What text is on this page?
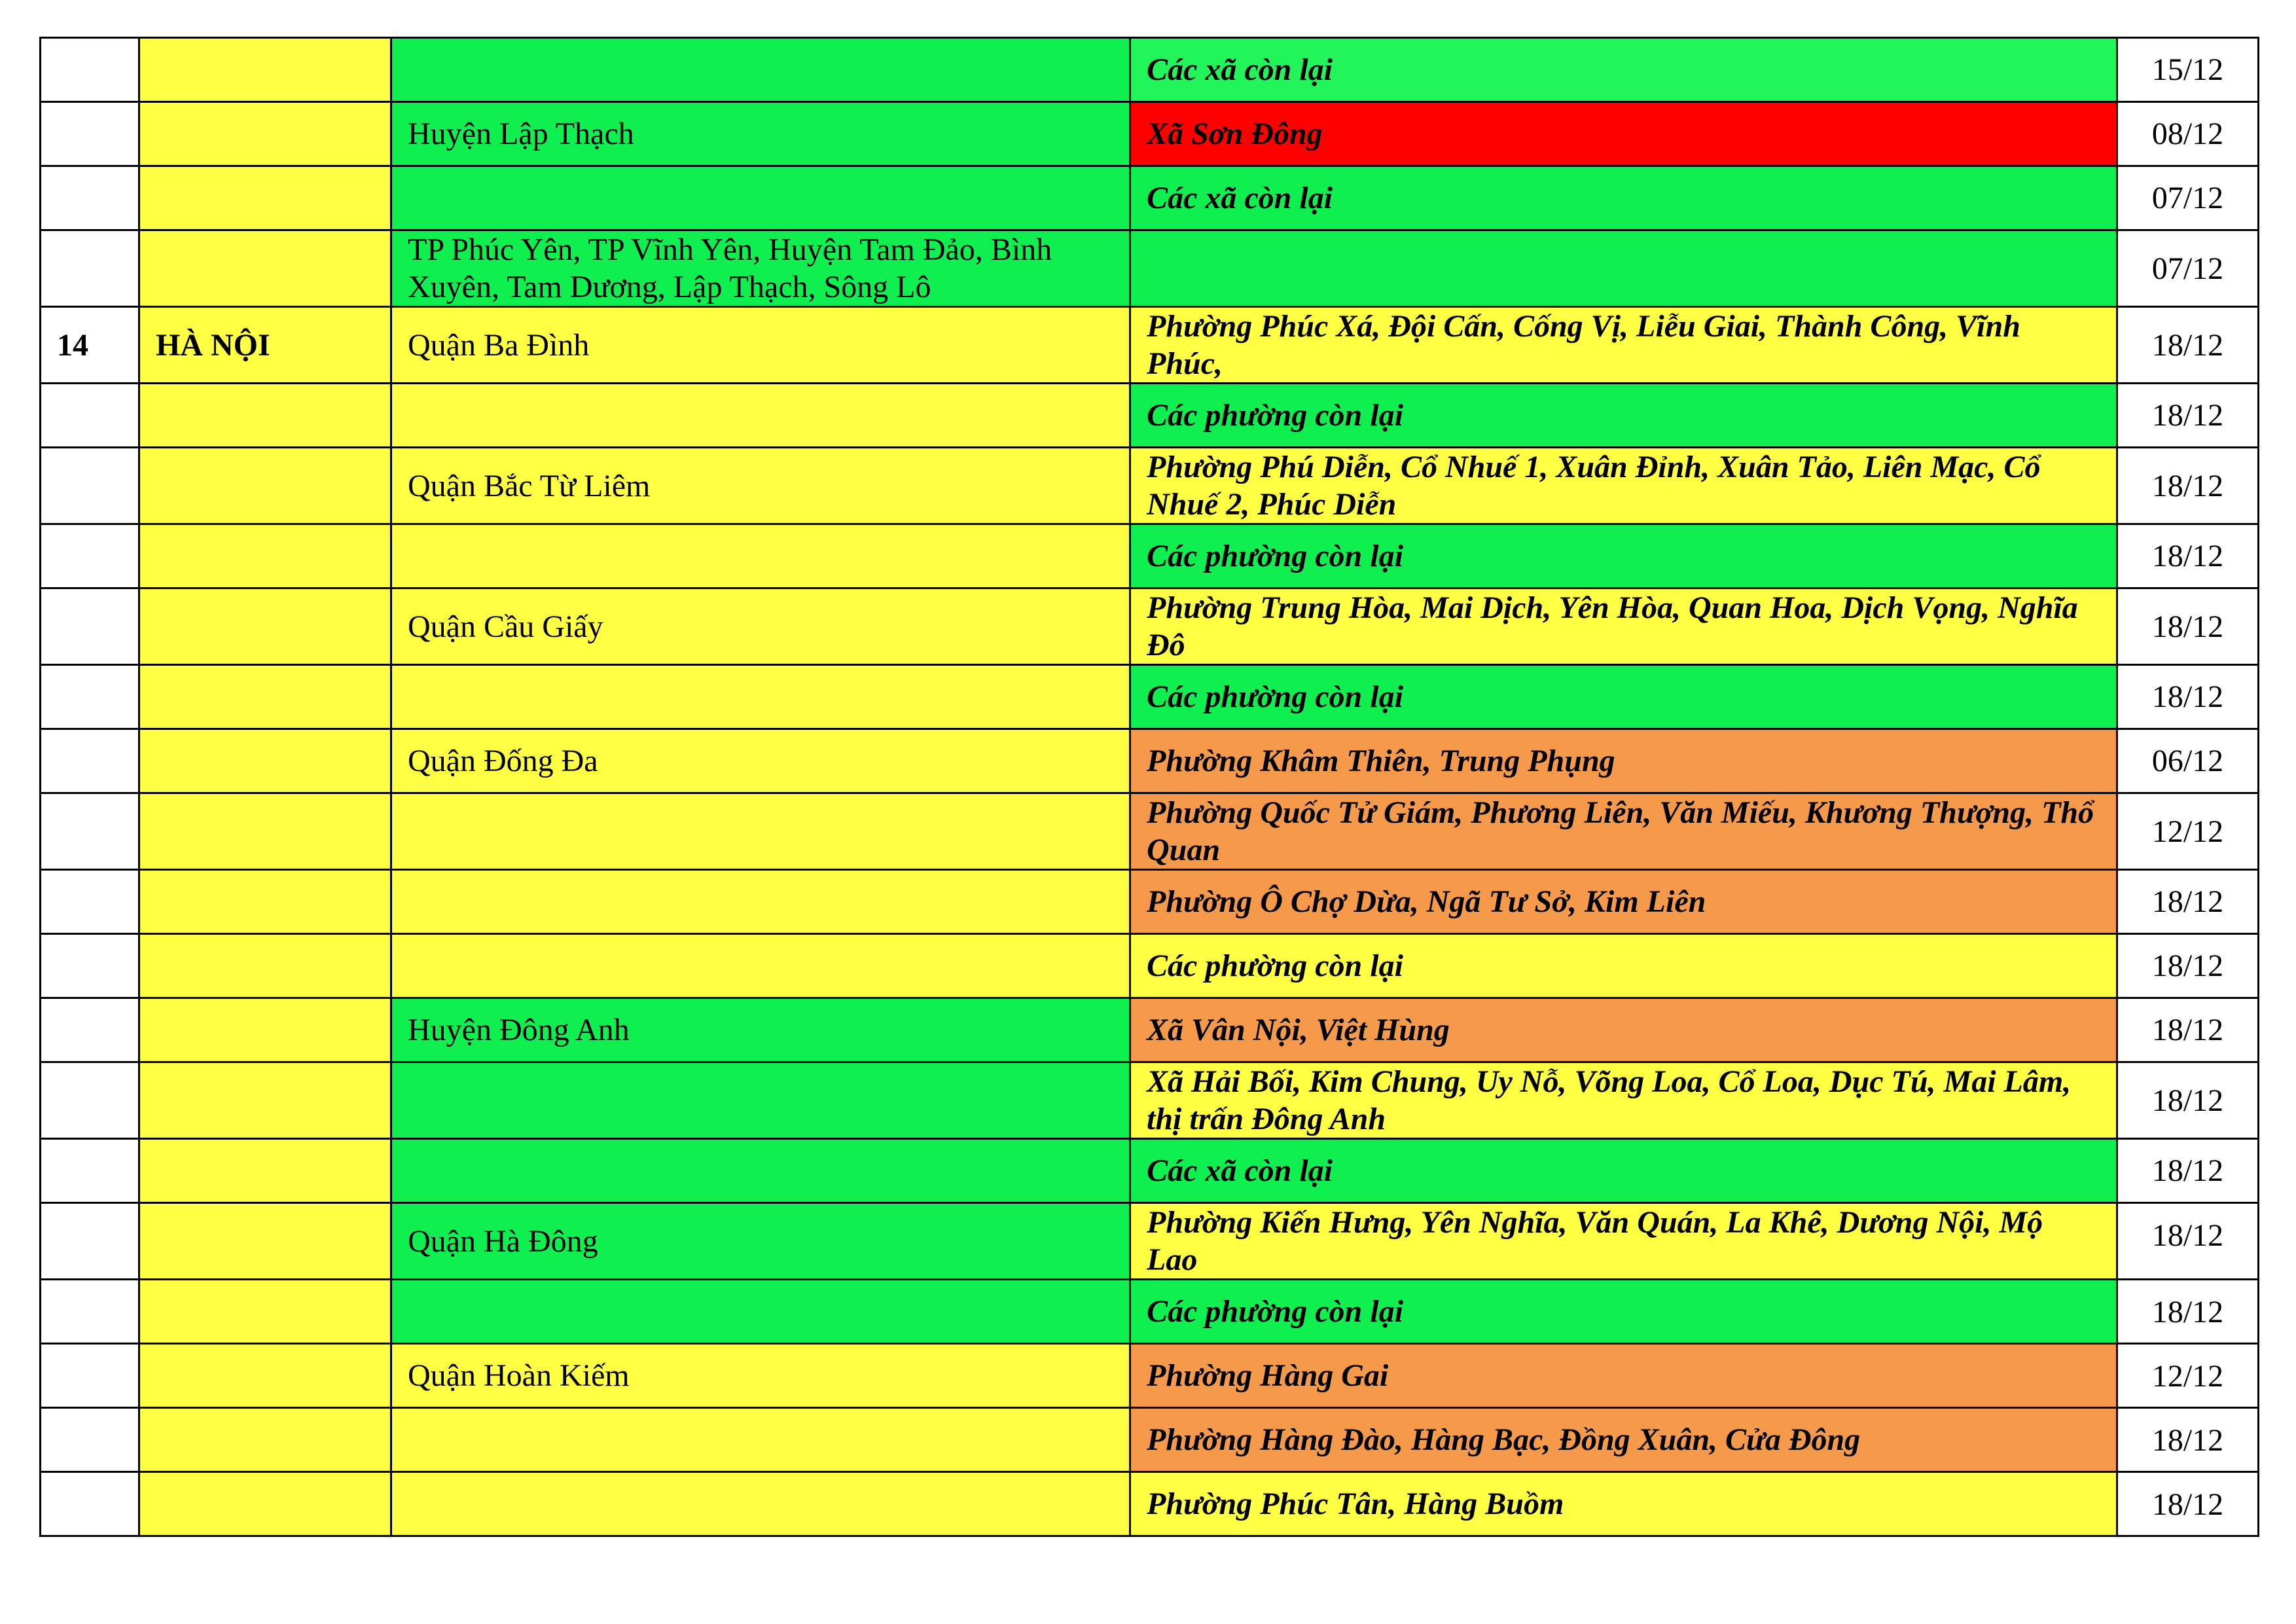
			Các xã còn lại	15/12
		Huyện Lập Thạch	Xã Sơn Đông	08/12
			Các xã còn lại	07/12
		TP Phúc Yên, TP Vĩnh Yên, Huyện Tam Đảo, Bình Xuyên, Tam Dương, Lập Thạch, Sông Lô		07/12
14	HÀ NỘI	Quận Ba Đình	Phường Phúc Xá, Đội Cấn, Cống Vị, Liễu Giai, Thành Công, Vĩnh Phúc,	18/12
			Các phường còn lại	18/12
		Quận Bắc Từ Liêm	Phường Phú Diễn, Cổ Nhuế 1, Xuân Đỉnh, Xuân Tảo, Liên Mạc, Cổ Nhuế 2, Phúc Diễn	18/12
			Các phường còn lại	18/12
		Quận Cầu Giấy	Phường Trung Hòa, Mai Dịch, Yên Hòa, Quan Hoa, Dịch Vọng, Nghĩa Đô	18/12
			Các phường còn lại	18/12
		Quận Đống Đa	Phường Khâm Thiên, Trung Phụng	06/12
			Phường Quốc Tử Giám, Phương Liên, Văn Miếu, Khương Thượng, Thổ Quan	12/12
			Phường Ô Chợ Dừa, Ngã Tư Sở, Kim Liên	18/12
			Các phường còn lại	18/12
		Huyện Đông Anh	Xã Vân Nội, Việt Hùng	18/12
			Xã Hải Bối, Kim Chung, Uy Nỗ, Võng Loa, Cổ Loa, Dục Tú, Mai Lâm, thị trấn Đông Anh	18/12
			Các xã còn lại	18/12
		Quận Hà Đông	Phường Kiến Hưng, Yên Nghĩa, Văn Quán, La Khê, Dương Nội, Mộ Lao	18/12
			Các phường còn lại	18/12
		Quận Hoàn Kiếm	Phường Hàng Gai	12/12
			Phường Hàng Đào, Hàng Bạc, Đồng Xuân, Cửa Đông	18/12
			Phường Phúc Tân, Hàng Buồm	18/12
